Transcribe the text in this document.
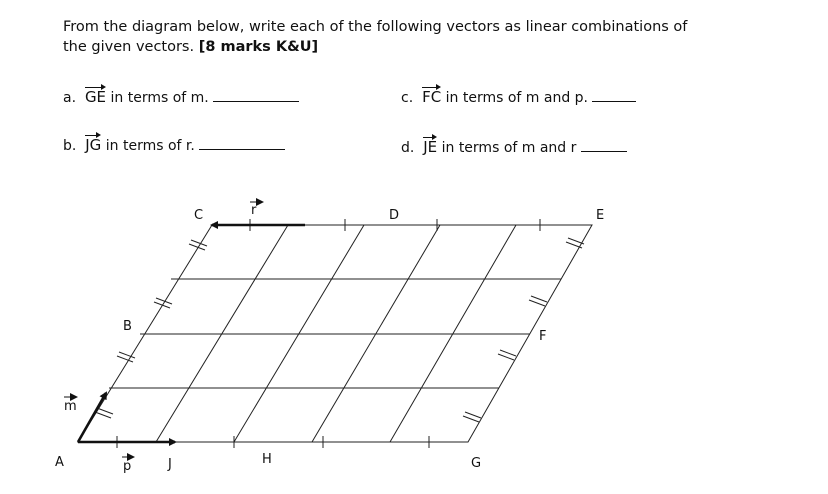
From the diagram below, write each of the following vectors as linear combinations of
the given vectors. [8 marks K&U]
a. GE in terms of m.
b. JG in terms of r.
c. FC in terms of m and p.
d. JE in terms of m and r
A
B
C	D	E
F
G
H
J
m
p
r
